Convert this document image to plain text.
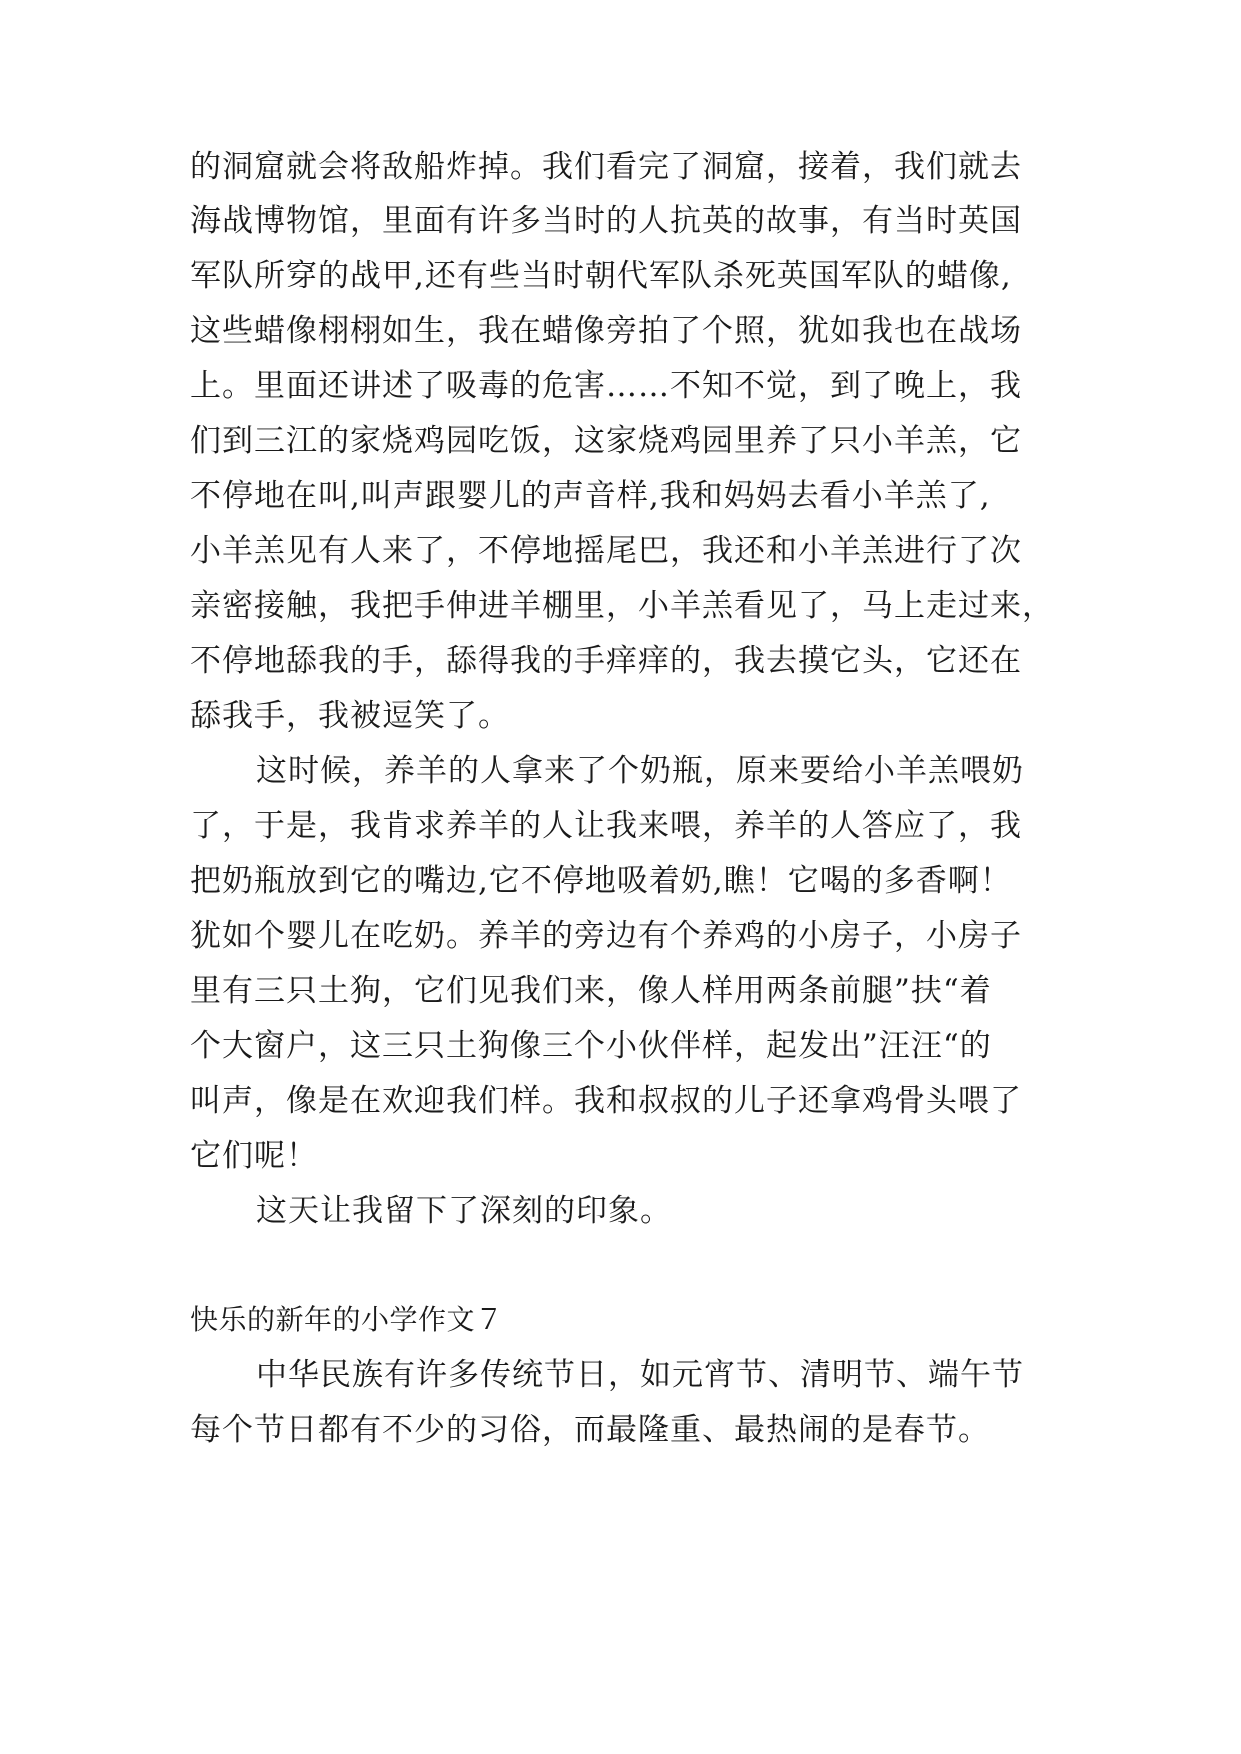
的洞窟就会将敌船炸掉。我们看完了洞窟，接着，我们就去
海战博物馆，里面有许多当时的人抗英的故事，有当时英国
军队所穿的战甲,还有些当时朝代军队杀死英国军队的蜡像,
这些蜡像栩栩如生，我在蜡像旁拍了个照，犹如我也在战场
上。里面还讲述了吸毒的危害……不知不觉，到了晚上，我
们到三江的家烧鸡园吃饭，这家烧鸡园里养了只小羊羔，它
不停地在叫,叫声跟婴儿的声音样,我和妈妈去看小羊羔了,
小羊羔见有人来了，不停地摇尾巴，我还和小羊羔进行了次
亲密接触，我把手伸进羊棚里，小羊羔看见了，马上走过来，
不停地舔我的手，舔得我的手痒痒的，我去摸它头，它还在
舔我手，我被逗笑了。
这时候，养羊的人拿来了个奶瓶，原来要给小羊羔喂奶
了，于是，我肯求养羊的人让我来喂，养羊的人答应了，我
把奶瓶放到它的嘴边,它不停地吸着奶,瞧！它喝的多香啊！
犹如个婴儿在吃奶。养羊的旁边有个养鸡的小房子，小房子
里有三只土狗，它们见我们来，像人样用两条前腿”扶“着
个大窗户，这三只土狗像三个小伙伴样，起发出”汪汪“的
叫声，像是在欢迎我们样。我和叔叔的儿子还拿鸡骨头喂了
它们呢！
这天让我留下了深刻的印象。
快乐的新年的小学作文７
中华民族有许多传统节日，如元宵节、清明节、端午节
每个节日都有不少的习俗，而最隆重、最热闹的是春节。
